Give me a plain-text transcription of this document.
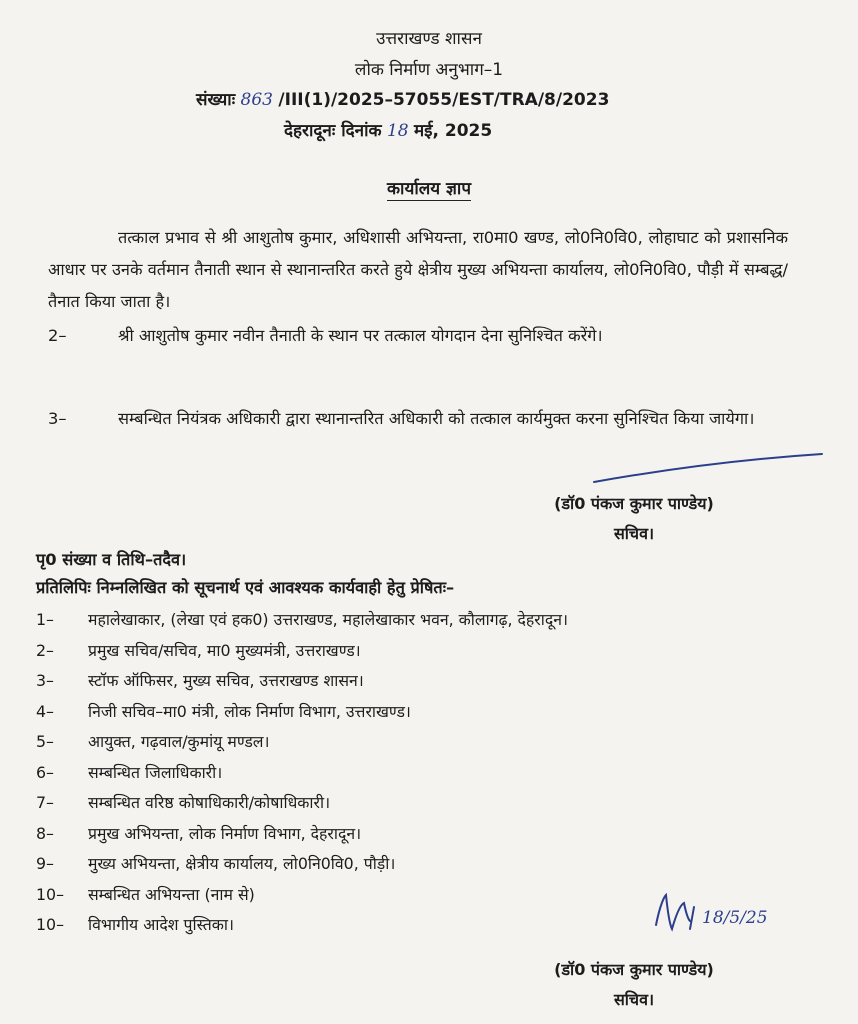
उत्तराखण्ड शासन
लोक निर्माण अनुभाग–1
संख्याः 863 /III(1)/2025–57055/EST/TRA/8/2023
देहरादूनः दिनांक 18 मई, 2025
कार्यालय ज्ञाप
तत्काल प्रभाव से श्री आशुतोष कुमार, अधिशासी अभियन्ता, रा0मा0 खण्ड, लो0नि0वि0, लोहाघाट को प्रशासनिक आधार पर उनके वर्तमान तैनाती स्थान से स्थानान्तरित करते हुये क्षेत्रीय मुख्य अभियन्ता कार्यालय, लो0नि0वि0, पौड़ी में सम्बद्ध/तैनात किया जाता है।
2–	श्री आशुतोष कुमार नवीन तैनाती के स्थान पर तत्काल योगदान देना सुनिश्चित करेंगे।
3–	सम्बन्धित नियंत्रक अधिकारी द्वारा स्थानान्तरित अधिकारी को तत्काल कार्यमुक्त करना सुनिश्चित किया जायेगा।
(डॉ0 पंकज कुमार पाण्डेय)
सचिव।
पृ0 संख्या व तिथि–तदैव।
प्रतिलिपिः निम्नलिखित को सूचनार्थ एवं आवश्यक कार्यवाही हेतु प्रेषितः–
1– महालेखाकार, (लेखा एवं हक0) उत्तराखण्ड, महालेखाकार भवन, कौलागढ़, देहरादून।
2– प्रमुख सचिव/सचिव, मा0 मुख्यमंत्री, उत्तराखण्ड।
3– स्टॉफ ऑफिसर, मुख्य सचिव, उत्तराखण्ड शासन।
4– निजी सचिव–मा0 मंत्री, लोक निर्माण विभाग, उत्तराखण्ड।
5– आयुक्त, गढ़वाल/कुमांयू मण्डल।
6– सम्बन्धित जिलाधिकारी।
7– सम्बन्धित वरिष्ठ कोषाधिकारी/कोषाधिकारी।
8– प्रमुख अभियन्ता, लोक निर्माण विभाग, देहरादून।
9– मुख्य अभियन्ता, क्षेत्रीय कार्यालय, लो0नि0वि0, पौड़ी।
10– सम्बन्धित अभियन्ता (नाम से)
10– विभागीय आदेश पुस्तिका।	18/5/25
(डॉ0 पंकज कुमार पाण्डेय)
सचिव।
